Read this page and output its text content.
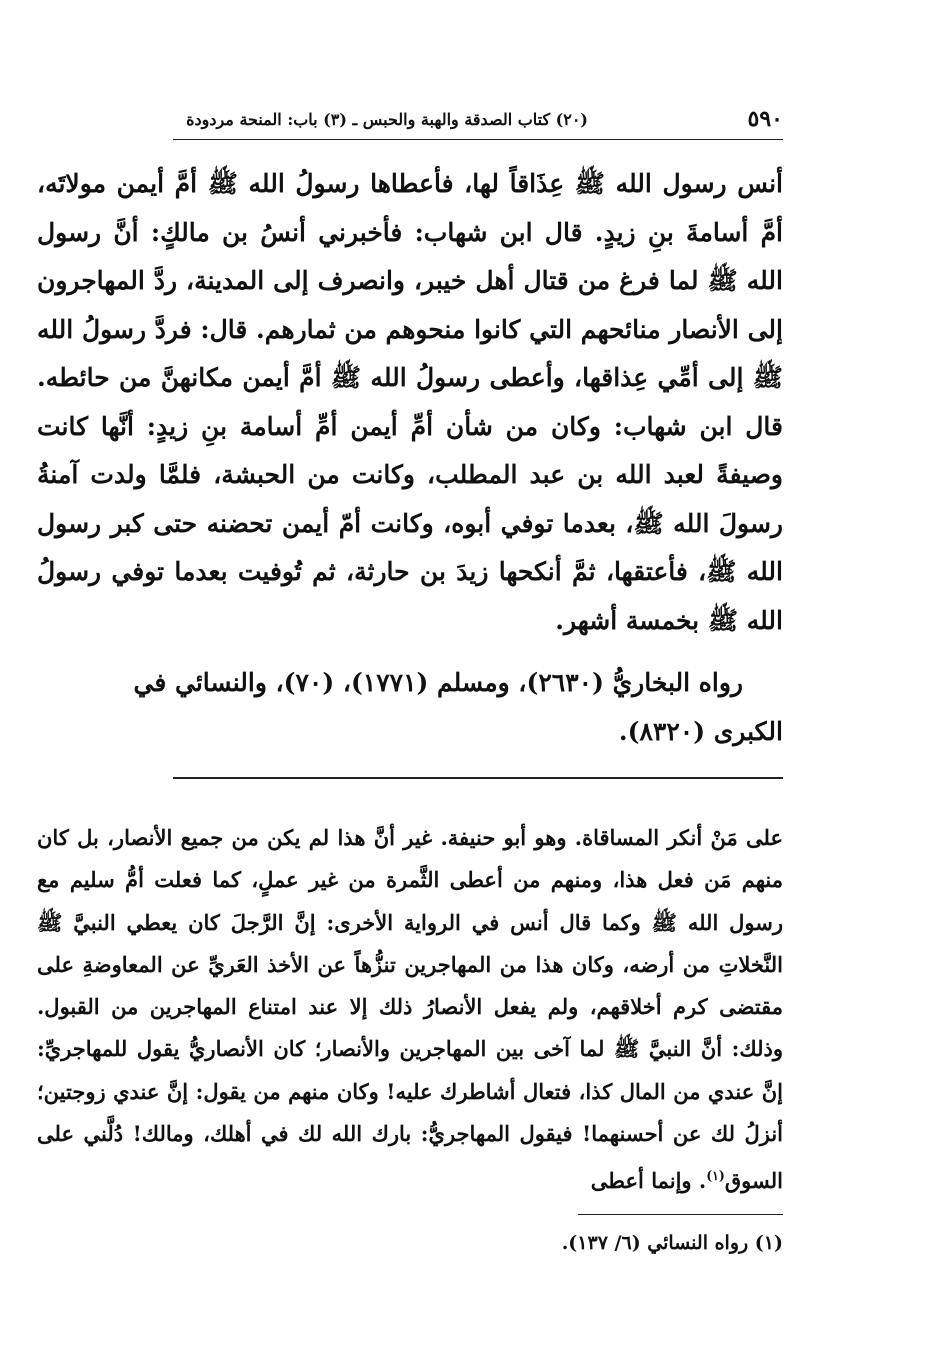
٥٩٠
(٢٠) كتاب الصدقة والهبة والحبس ـ (٣) باب: المنحة مردودة

أنس رسول الله ﷺ عِذَاقاً لها، فأعطاها رسولُ الله ﷺ أمَّ أيمن مولاتَه، أمَّ أسامةَ بنِ زيدٍ. قال ابن شهاب: فأخبرني أنسُ بن مالكٍ: أنَّ رسول الله ﷺ لما فرغ من قتال أهل خيبر، وانصرف إلى المدينة، ردَّ المهاجرون إلى الأنصار منائحهم التي كانوا منحوهم من ثمارهم. قال: فردَّ رسولُ الله ﷺ إلى أمِّي عِذاقها، وأعطى رسولُ الله ﷺ أمَّ أيمن مكانهنَّ من حائطه. قال ابن شهاب: وكان من شأن أمِّ أيمن أمِّ أسامة بنِ زيدٍ: أنَّها كانت وصيفةً لعبد الله بن عبد المطلب، وكانت من الحبشة، فلمَّا ولدت آمنةُ رسولَ الله ﷺ، بعدما توفي أبوه، وكانت أمّ أيمن تحضنه حتى كبر رسول الله ﷺ، فأعتقها، ثمَّ أنكحها زيدَ بن حارثة، ثم تُوفيت بعدما توفي رسولُ الله ﷺ بخمسة أشهر.

رواه البخاريُّ (٢٦٣٠)، ومسلم (١٧٧١)، (٧٠)، والنسائي في
الكبرى (٨٣٢٠).

على مَنْ أنكر المساقاة. وهو أبو حنيفة. غير أنَّ هذا لم يكن من جميع الأنصار، بل كان منهم مَن فعل هذا، ومنهم من أعطى الثَّمرة من غير عملٍ، كما فعلت أمُّ سليم مع رسول الله ﷺ وكما قال أنس في الرواية الأخرى: إنَّ الرَّجلَ كان يعطي النبيَّ ﷺ النَّخلاتِ من أرضه، وكان هذا من المهاجرين تنزُّهاً عن الأخذ العَريِّ عن المعاوضةِ على مقتضى كرم أخلاقهم، ولم يفعل الأنصارُ ذلك إلا عند امتناع المهاجرين من القبول. وذلك: أنَّ النبيَّ ﷺ لما آخى بين المهاجرين والأنصار؛ كان الأنصاريُّ يقول للمهاجريِّ: إنَّ عندي من المال كذا، فتعال أشاطرك عليه! وكان منهم من يقول: إنَّ عندي زوجتين؛ أنزلُ لك عن أحسنهما! فيقول المهاجريُّ: بارك الله لك في أهلك، ومالك! دُلَّني على السوق$^{(١)}$. وإنما أعطى

(١) رواه النسائي (٦/ ١٣٧).
